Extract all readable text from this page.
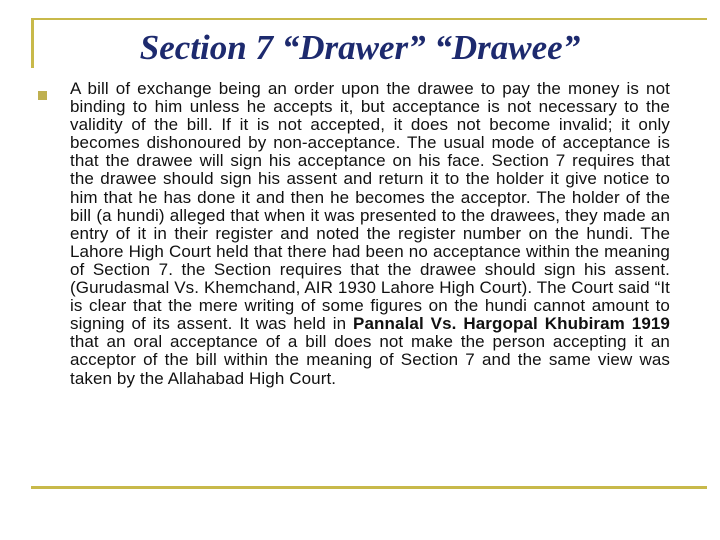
Section 7 “Drawer” “Drawee”

A bill of exchange being an order upon the drawee to pay the money is not binding to him unless he accepts it, but acceptance is not necessary to the validity of the bill. If it is not accepted, it does not become invalid; it only becomes dishonoured by non-acceptance. The usual mode of acceptance is that the drawee will sign his acceptance on his face. Section 7 requires that the drawee should sign his assent and return it to the holder it give notice to him that he has done it and then he becomes the acceptor. The holder of the bill (a hundi) alleged that when it was presented to the drawees, they made an entry of it in their register and noted the register number on the hundi. The Lahore High Court held that there had been no acceptance within the meaning of Section 7. the Section requires that the drawee should sign his assent.(Gurudasmal Vs. Khemchand, AIR 1930 Lahore High Court). The Court said “It is clear that the mere writing of some figures on the hundi cannot amount to signing of its assent. It was held in Pannalal Vs. Hargopal Khubiram 1919 that an oral acceptance of a bill does not make the person accepting it an acceptor of the bill within the meaning of Section 7 and the same view was taken by the Allahabad High Court.
